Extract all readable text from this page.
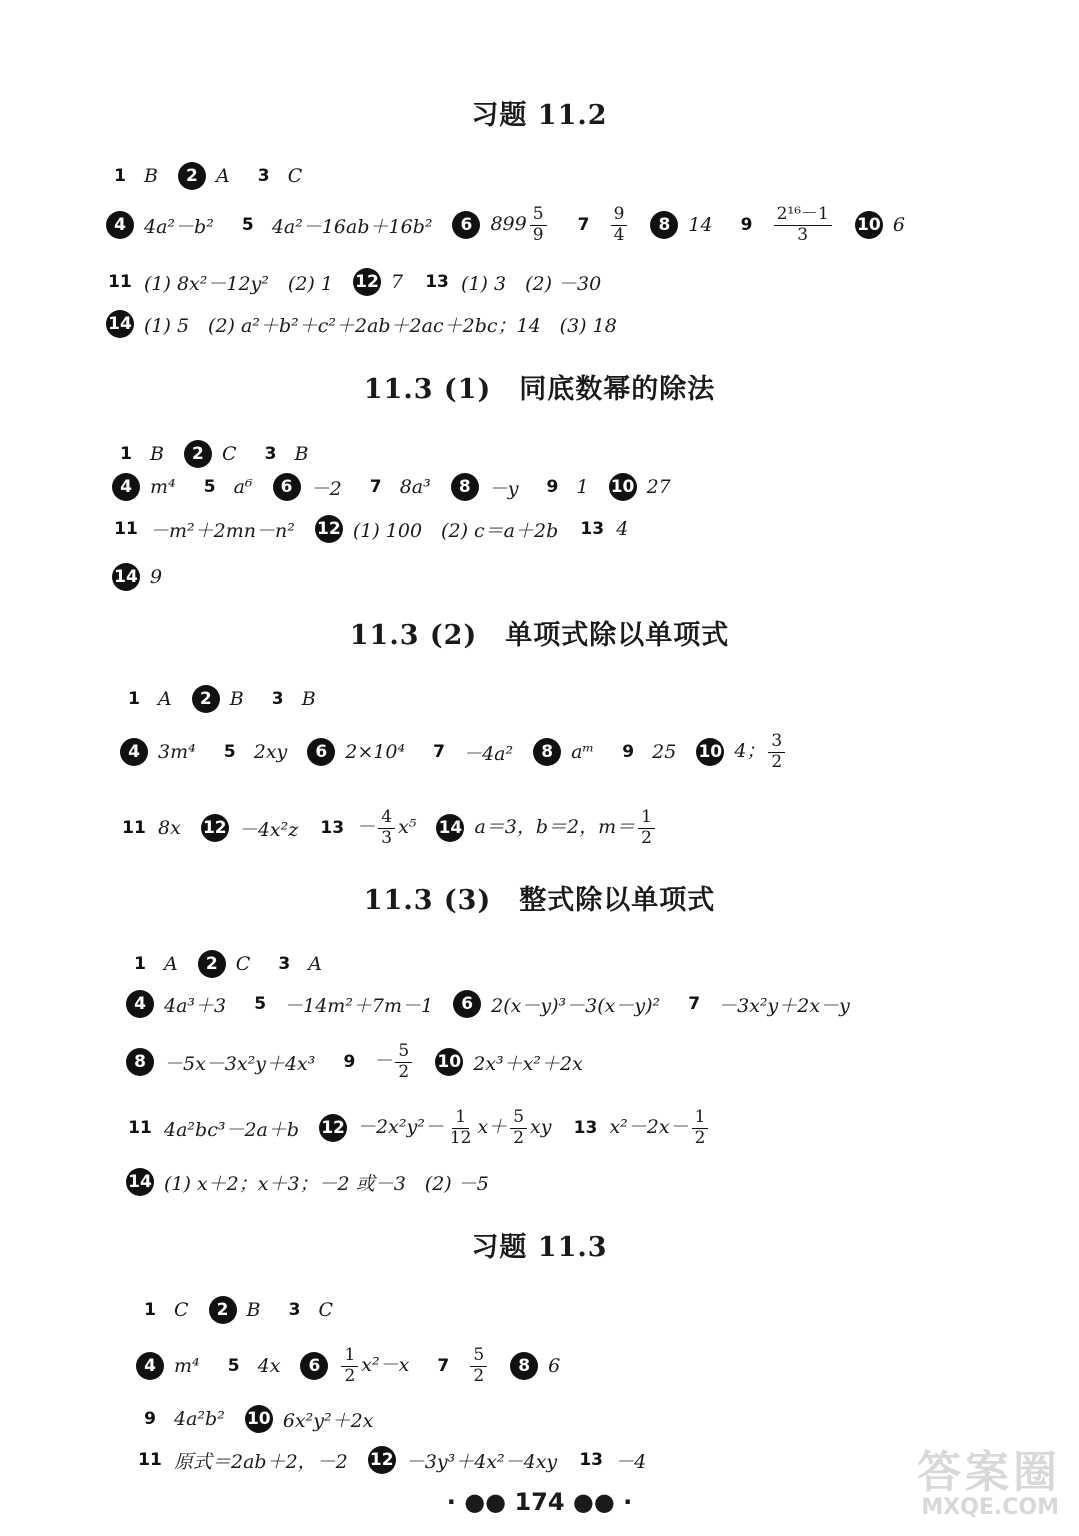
习题 11.2
11.3 (1)　同底数幂的除法
11.3 (2)　单项式除以单项式
11.3 (3)　整式除以单项式
习题 11.3
1 B	2 A	3 C
4 4a²－b²	5 4a²－16ab＋16b²	6 $899 \frac{5}{9}$	7	$\frac{9}{4}$	8 14	9	$\frac{\text{2¹⁶－1}}{3} 10$ 6
11 (1) 8x²－12y²　(2) 1 12 7 13 (1) 3　(2) －30
14 (1) 5　(2) a²＋b²＋c²＋2ab＋2ac＋2bc；14　(3) 18
1 B	2 C	3 B
4 m⁴	5 a⁶	6 －2	7 8a³	8 －y	9 1 10 27
11 －m²＋2mn－n² 12 (1) 100　(2) c＝a＋2b 13 4
14 9
1 A	2 B	3 B
4 3m⁴	5 2xy	6 2×10⁴	7 －4a²	8 aᵐ	9 25 10 4； $\frac{3}{2}$
11 8x 12 －4x²z $13 - \frac{4}{3} x^5$ 14 a＝3，b＝2，$m= \frac{1}{2}$
1 A	2 C	3 A
4 4a³＋3	5 －14m²＋7m－1	6 2(x－y)³－3(x－y)²	7 －3x²y＋2x－y
8 －5x－3x²y＋4x³	$9 - \frac{5}{2} 10$ 2x³＋x²＋2x
11 4a²bc³－2a＋b $12 -2x^2y^2- \frac{1}{12} x+ \frac{5}{2}$ xy 13 $x^2-2x- \frac{1}{2}$
14 (1) x＋2；x＋3；－2 或－3　(2) －5
1 C	2 B	3 C
4 m⁴	5 4x	6	$\frac{1}{2} x^2-x$	7	$\frac{5}{2}$	8 6
9 4a²b² 10 6x²y²＋2x
11 原式＝2ab＋2，－2 12 －3y³＋4x²－4xy 13 －4
· ●● 174 ●● ·
答案圈
MXQE.COM
